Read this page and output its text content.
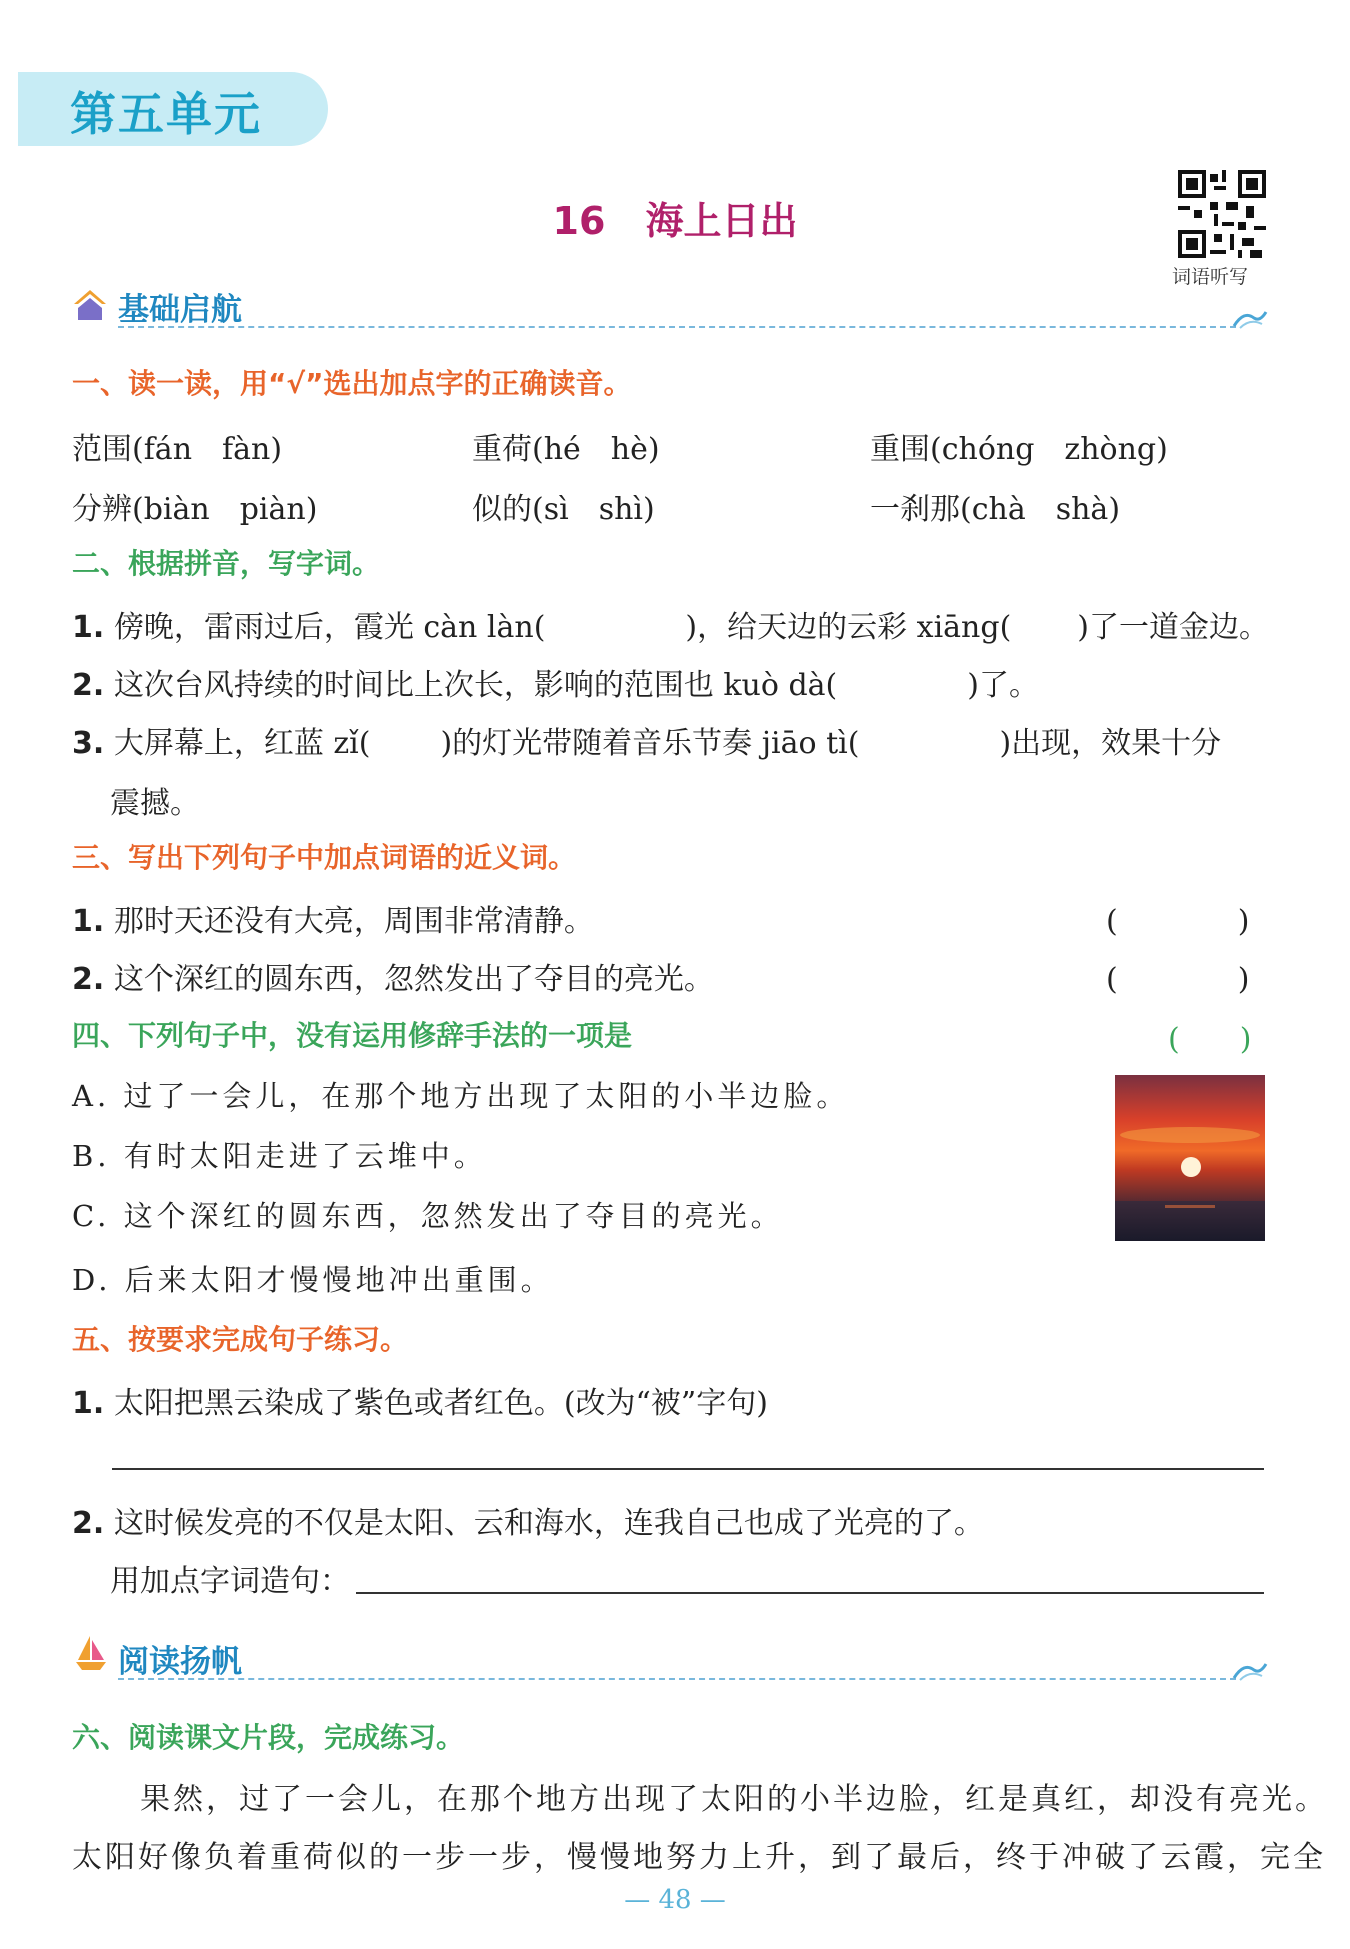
第五单元
16 海上日出
词语听写
基础启航
一、读一读，用“√”选出加点字的正确读音。
范围(fán　fàn)	重荷(hé　hè)	重围(chóng　zhòng)
分辨(biàn　piàn)	似的(sì　shì)	一刹那(chà　shà)
二、根据拼音，写字词。
1. 傍晚，雷雨过后，霞光 càn làn(	)，给天边的云彩 xiāng( )了一道金边。
2. 这次台风持续的时间比上次长，影响的范围也 kuò dà(	)了。
3. 大屏幕上，红蓝 zǐ( )的灯光带随着音乐节奏 jiāo tì(	)出现，效果十分
震撼。
三、写出下列句子中加点词语的近义词。
1. 那时天还没有大亮，周围非常清静。	(　　　　)
2. 这个深红的圆东西，忽然发出了夺目的亮光。	(　　　　)
四、下列句子中，没有运用修辞手法的一项是	(　　)
A. 过了一会儿，在那个地方出现了太阳的小半边脸。
B. 有时太阳走进了云堆中。
C. 这个深红的圆东西，忽然发出了夺目的亮光。
D. 后来太阳才慢慢地冲出重围。
五、按要求完成句子练习。
1. 太阳把黑云染成了紫色或者红色。(改为“被”字句)
2. 这时候发亮的不仅是太阳、云和海水，连我自己也成了光亮的了。
用加点字词造句：
阅读扬帆
六、阅读课文片段，完成练习。
果然，过了一会儿，在那个地方出现了太阳的小半边脸，红是真红，却没有亮光。
太阳好像负着重荷似的一步一步，慢慢地努力上升，到了最后，终于冲破了云霞，完全
— 48 —
